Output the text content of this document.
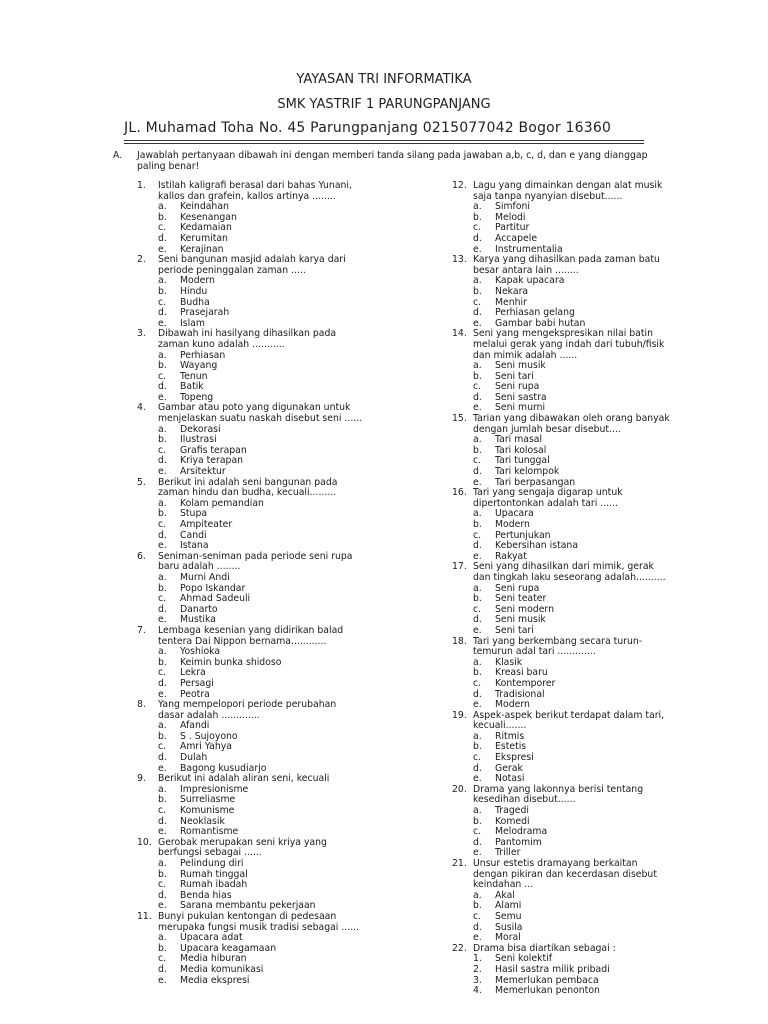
YAYASAN TRI INFORMATIKA
SMK YASTRIF 1 PARUNGPANJANG
JL. Muhamad Toha No. 45 Parungpanjang 0215077042 Bogor 16360
A. Jawablah pertanyaan dibawah ini dengan memberi tanda silang pada jawaban a,b, c, d, dan e yang dianggap paling benar!
1. Istilah kaligrafi berasal dari bahas Yunani, kallos dan grafein, kallos artinya ........
a. Keindahan
b. Kesenangan
c. Kedamaian
d. Kerumitan
e. Kerajinan
2. Seni bangunan masjid adalah karya dari periode peninggalan zaman .....
a. Modern
b. Hindu
c. Budha
d. Prasejarah
e. Islam
3. Dibawah ini hasilyang dihasilkan pada zaman kuno adalah ...........
a. Perhiasan
b. Wayang
c. Tenun
d. Batik
e. Topeng
4. Gambar atau poto yang digunakan untuk menjelaskan suatu naskah disebut seni ......
a. Dekorasi
b. Ilustrasi
c. Grafis terapan
d. Kriya terapan
e. Arsitektur
5. Berikut ini adalah seni bangunan pada zaman hindu dan budha, kecuali.........
a. Kolam pemandian
b. Stupa
c. Ampiteater
d. Candi
e. Istana
6. Seniman-seniman pada periode seni rupa baru adalah ........
a. Murni Andi
b. Popo Iskandar
c. Ahmad Sadeuli
d. Danarto
e. Mustika
7. Lembaga kesenian yang didirikan balad tentera Dai Nippon bernama............
a. Yoshioka
b. Keimin bunka shidoso
c. Lekra
d. Persagi
e. Peotra
8. Yang mempelopori periode perubahan dasar adalah .............
a. Afandi
b. S . Sujoyono
c. Amri Yahya
d. Dulah
e. Bagong kusudiarjo
9. Berikut ini adalah aliran seni, kecuali
a. Impresionisme
b. Surreliasme
c. Komunisme
d. Neoklasik
e. Romantisme
10. Gerobak merupakan seni kriya yang berfungsi sebagai ......
a. Pelindung diri
b. Rumah tinggal
c. Rumah ibadah
d. Benda hias
e. Sarana membantu pekerjaan
11. Bunyi pukulan kentongan di pedesaan merupaka fungsi musik tradisi sebagai ......
a. Upacara adat
b. Upacara keagamaan
c. Media hiburan
d. Media komunikasi
e. Media ekspresi
12. Lagu yang dimainkan dengan alat musik saja tanpa nyanyian disebut......
a. Simfoni
b. Melodi
c. Partitur
d. Accapele
e. Instrumentalia
13. Karya yang dihasilkan pada zaman batu besar antara lain ........
a. Kapak upacara
b. Nekara
c. Menhir
d. Perhiasan gelang
e. Gambar babi hutan
14. Seni yang mengekspresikan nilai batin melalui gerak yang indah dari tubuh/fisik dan mimik adalah ......
a. Seni musik
b. Seni tari
c. Seni rupa
d. Seni sastra
e. Seni murni
15. Tarian yang dibawakan oleh orang banyak dengan jumlah besar disebut....
a. Tari masal
b. Tari kolosal
c. Tari tunggal
d. Tari kelompok
e. Tari berpasangan
16. Tari yang sengaja digarap untuk dipertontonkan adalah tari ......
a. Upacara
b. Modern
c. Pertunjukan
d. Kebersihan istana
e. Rakyat
17. Seni yang dihasilkan dari mimik, gerak dan tingkah laku seseorang adalah..........
a. Seni rupa
b. Seni teater
c. Seni modern
d. Seni musik
e. Seni tari
18. Tari yang berkembang secara turun-temurun adal tari .............
a. Klasik
b. Kreasi baru
c. Kontemporer
d. Tradisional
e. Modern
19. Aspek-aspek berikut terdapat dalam tari, kecuali.......
a. Ritmis
b. Estetis
c. Ekspresi
d. Gerak
e. Notasi
20. Drama yang lakonnya berisi tentang kesedihan disebut......
a. Tragedi
b. Komedi
c. Melodrama
d. Pantomim
e. Triller
21. Unsur estetis dramayang berkaitan dengan pikiran dan kecerdasan disebut keindahan ...
a. Akal
b. Alami
c. Semu
d. Susila
e. Moral
22. Drama bisa diartikan sebagai :
1. Seni kolektif
2. Hasil sastra milik pribadi
3. Memerlukan pembaca
4. Memerlukan penonton
